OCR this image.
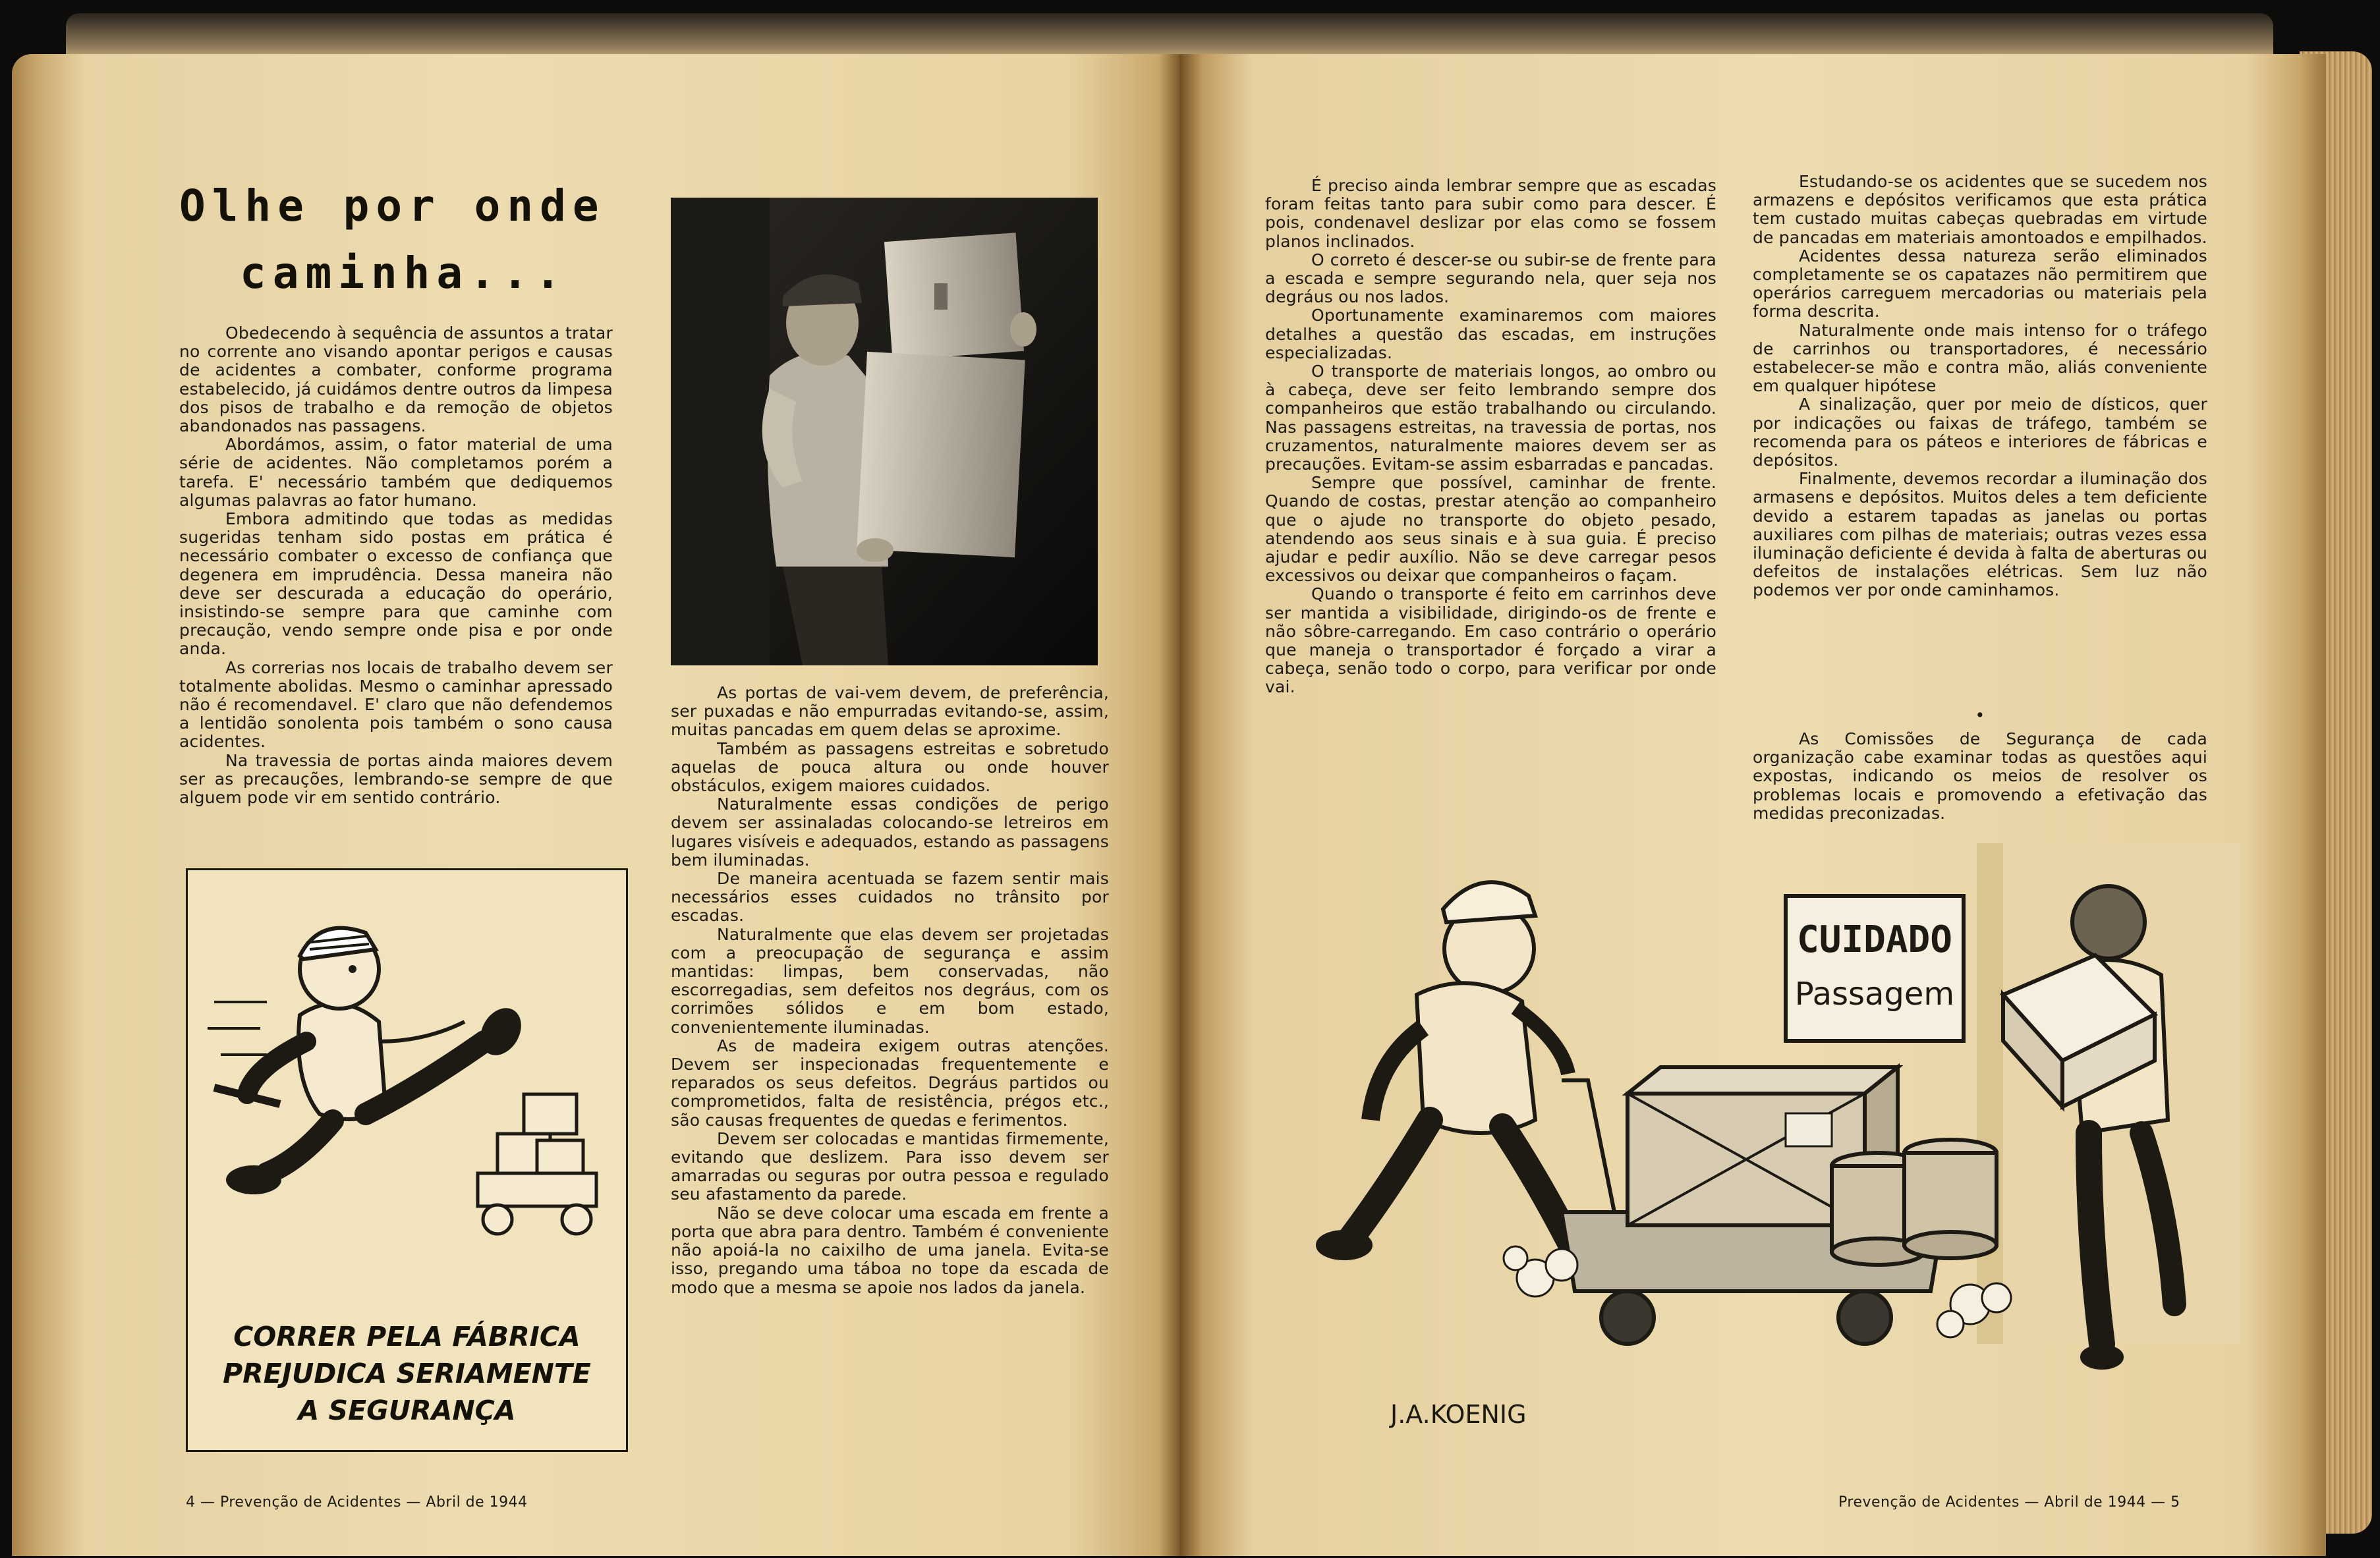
Olhe por onde
caminha...

Obedecendo à sequência de assuntos a tratar no corrente ano visando apontar perigos e causas de acidentes a combater, conforme programa estabelecido, já cuidámos dentre outros da limpesa dos pisos de trabalho e da remoção de objetos abandonados nas passagens.

Abordámos, assim, o fator material de uma série de acidentes. Não completamos porém a tarefa. E' necessário também que dediquemos algumas palavras ao fator humano.

Embora admitindo que todas as medidas sugeridas tenham sido postas em prática é necessário combater o excesso de confiança que degenera em imprudência. Dessa maneira não deve ser descurada a educação do operário, insistindo-se sempre para que caminhe com precaução, vendo sempre onde pisa e por onde anda.

As correrias nos locais de trabalho devem ser totalmente abolidas. Mesmo o caminhar apressado não é recomendavel. E' claro que não defendemos a lentidão sonolenta pois também o sono causa acidentes.

Na travessia de portas ainda maiores devem ser as precauções, lembrando-se sempre de que alguem pode vir em sentido contrário.

As portas de vai-vem devem, de preferência, ser puxadas e não empurradas evitando-se, assim, muitas pancadas em quem delas se aproxime.

Também as passagens estreitas e sobretudo aquelas de pouca altura ou onde houver obstáculos, exigem maiores cuidados.

Naturalmente essas condições de perigo devem ser assinaladas colocando-se letreiros em lugares visíveis e adequados, estando as passagens bem iluminadas.

De maneira acentuada se fazem sentir mais necessários esses cuidados no trânsito por escadas.

Naturalmente que elas devem ser projetadas com a preocupação de segurança e assim mantidas: limpas, bem conservadas, não escorregadias, sem defeitos nos degráus, com os corrimões sólidos e em bom estado, convenientemente iluminadas.

As de madeira exigem outras atenções. Devem ser inspecionadas frequentemente e reparados os seus defeitos. Degráus partidos ou comprometidos, falta de resistência, prégos etc., são causas frequentes de quedas e ferimentos.

Devem ser colocadas e mantidas firmemente, evitando que deslizem. Para isso devem ser amarradas ou seguras por outra pessoa e regulado seu afastamento da parede.

Não se deve colocar uma escada em frente a porta que abra para dentro. Também é conveniente não apoiá-la no caixilho de uma janela. Evita-se isso, pregando uma táboa no tope da escada de modo que a mesma se apoie nos lados da janela.

CORRER PELA FÁBRICA
PREJUDICA SERIAMENTE
A SEGURANÇA
4 — Prevenção de Acidentes — Abril de 1944

É preciso ainda lembrar sempre que as escadas foram feitas tanto para subir como para descer. É pois, condenavel deslizar por elas como se fossem planos inclinados.

O correto é descer-se ou subir-se de frente para a escada e sempre segurando nela, quer seja nos degráus ou nos lados.

Oportunamente examinaremos com maiores detalhes a questão das escadas, em instruções especializadas.

O transporte de materiais longos, ao ombro ou à cabeça, deve ser feito lembrando sempre dos companheiros que estão trabalhando ou circulando. Nas passagens estreitas, na travessia de portas, nos cruzamentos, naturalmente maiores devem ser as precauções. Evitam-se assim esbarradas e pancadas.

Sempre que possível, caminhar de frente. Quando de costas, prestar atenção ao companheiro que o ajude no transporte do objeto pesado, atendendo aos seus sinais e à sua guia. É preciso ajudar e pedir auxílio. Não se deve carregar pesos excessivos ou deixar que companheiros o façam.

Quando o transporte é feito em carrinhos deve ser mantida a visibilidade, dirigindo-os de frente e não sôbre-carregando. Em caso contrário o operário que maneja o transportador é forçado a virar a cabeça, senão todo o corpo, para verificar por onde vai.

Estudando-se os acidentes que se sucedem nos armazens e depósitos verificamos que esta prática tem custado muitas cabeças quebradas em virtude de pancadas em materiais amontoados e empilhados.

Acidentes dessa natureza serão eliminados completamente se os capatazes não permitirem que operários carreguem mercadorias ou materiais pela forma descrita.

Naturalmente onde mais intenso for o tráfego de carrinhos ou transportadores, é necessário estabelecer-se mão e contra mão, aliás conveniente em qualquer hipótese

A sinalização, quer por meio de dísticos, quer por indicações ou faixas de tráfego, também se recomenda para os páteos e interiores de fábricas e depósitos.

Finalmente, devemos recordar a iluminação dos armasens e depósitos. Muitos deles a tem deficiente devido a estarem tapadas as janelas ou portas auxiliares com pilhas de materiais; outras vezes essa iluminação deficiente é devida à falta de aberturas ou defeitos de instalações elétricas. Sem luz não podemos ver por onde caminhamos.

•

As Comissões de Segurança de cada organização cabe examinar todas as questões aqui expostas, indicando os meios de resolver os problemas locais e promovendo a efetivação das medidas preconizadas.

CUIDADO
Passagem
J.A.KOENIG
Prevenção de Acidentes — Abril de 1944 — 5
